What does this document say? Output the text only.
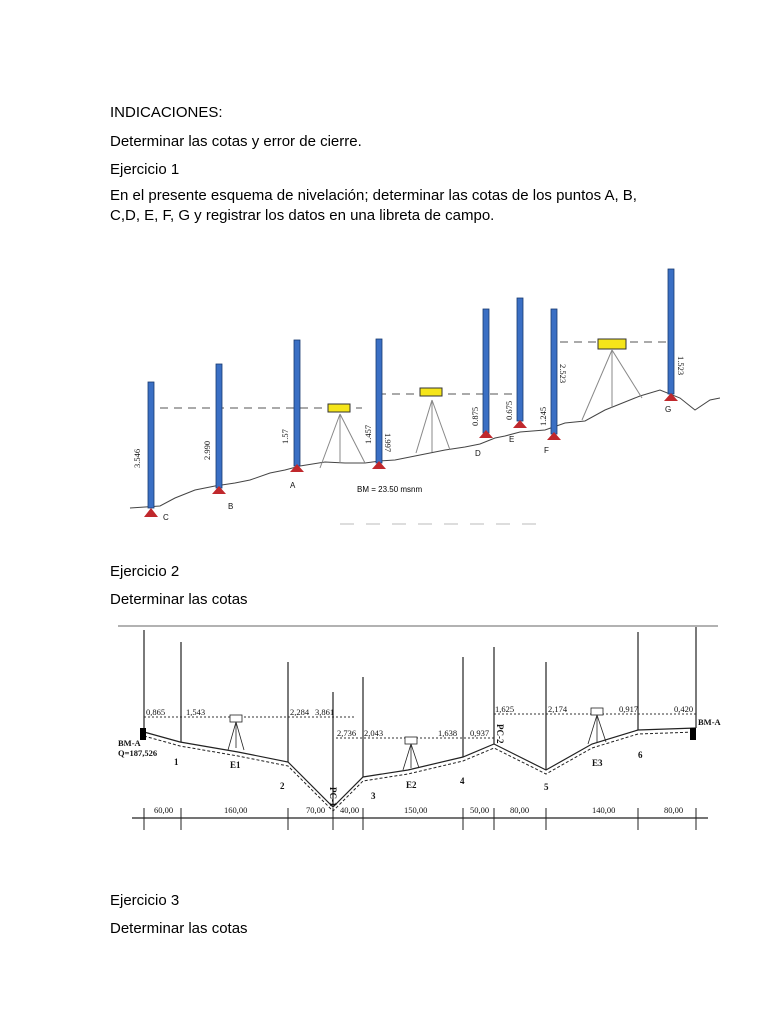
INDICACIONES:

Determinar las cotas y error de cierre.

Ejercicio 1

En el presente esquema de nivelación; determinar las cotas de los puntos A, B, C,D, E, F, G y registrar los datos en una libreta de campo.

C
B
A
D
E
F
G
BM = 23.50 msnm
3.546	2.990
1.57	1.457 1.997
0.875	0.675	1.245
2.523	1.523

Ejercicio 2

Determinar las cotas

0,865 1,543	2,284 3,861
2,736 2,043	1,638 0,937
1,625	2,174	0,917	0,420
BM-A
Q=187,526
BM-A
1
2
PC-1	3
4
PC-2
5
6
E1
E2
E3
60,00	160,00	70,00 40,00	150,00	50,00 80,00	140,00	80,00

Ejercicio 3

Determinar las cotas
